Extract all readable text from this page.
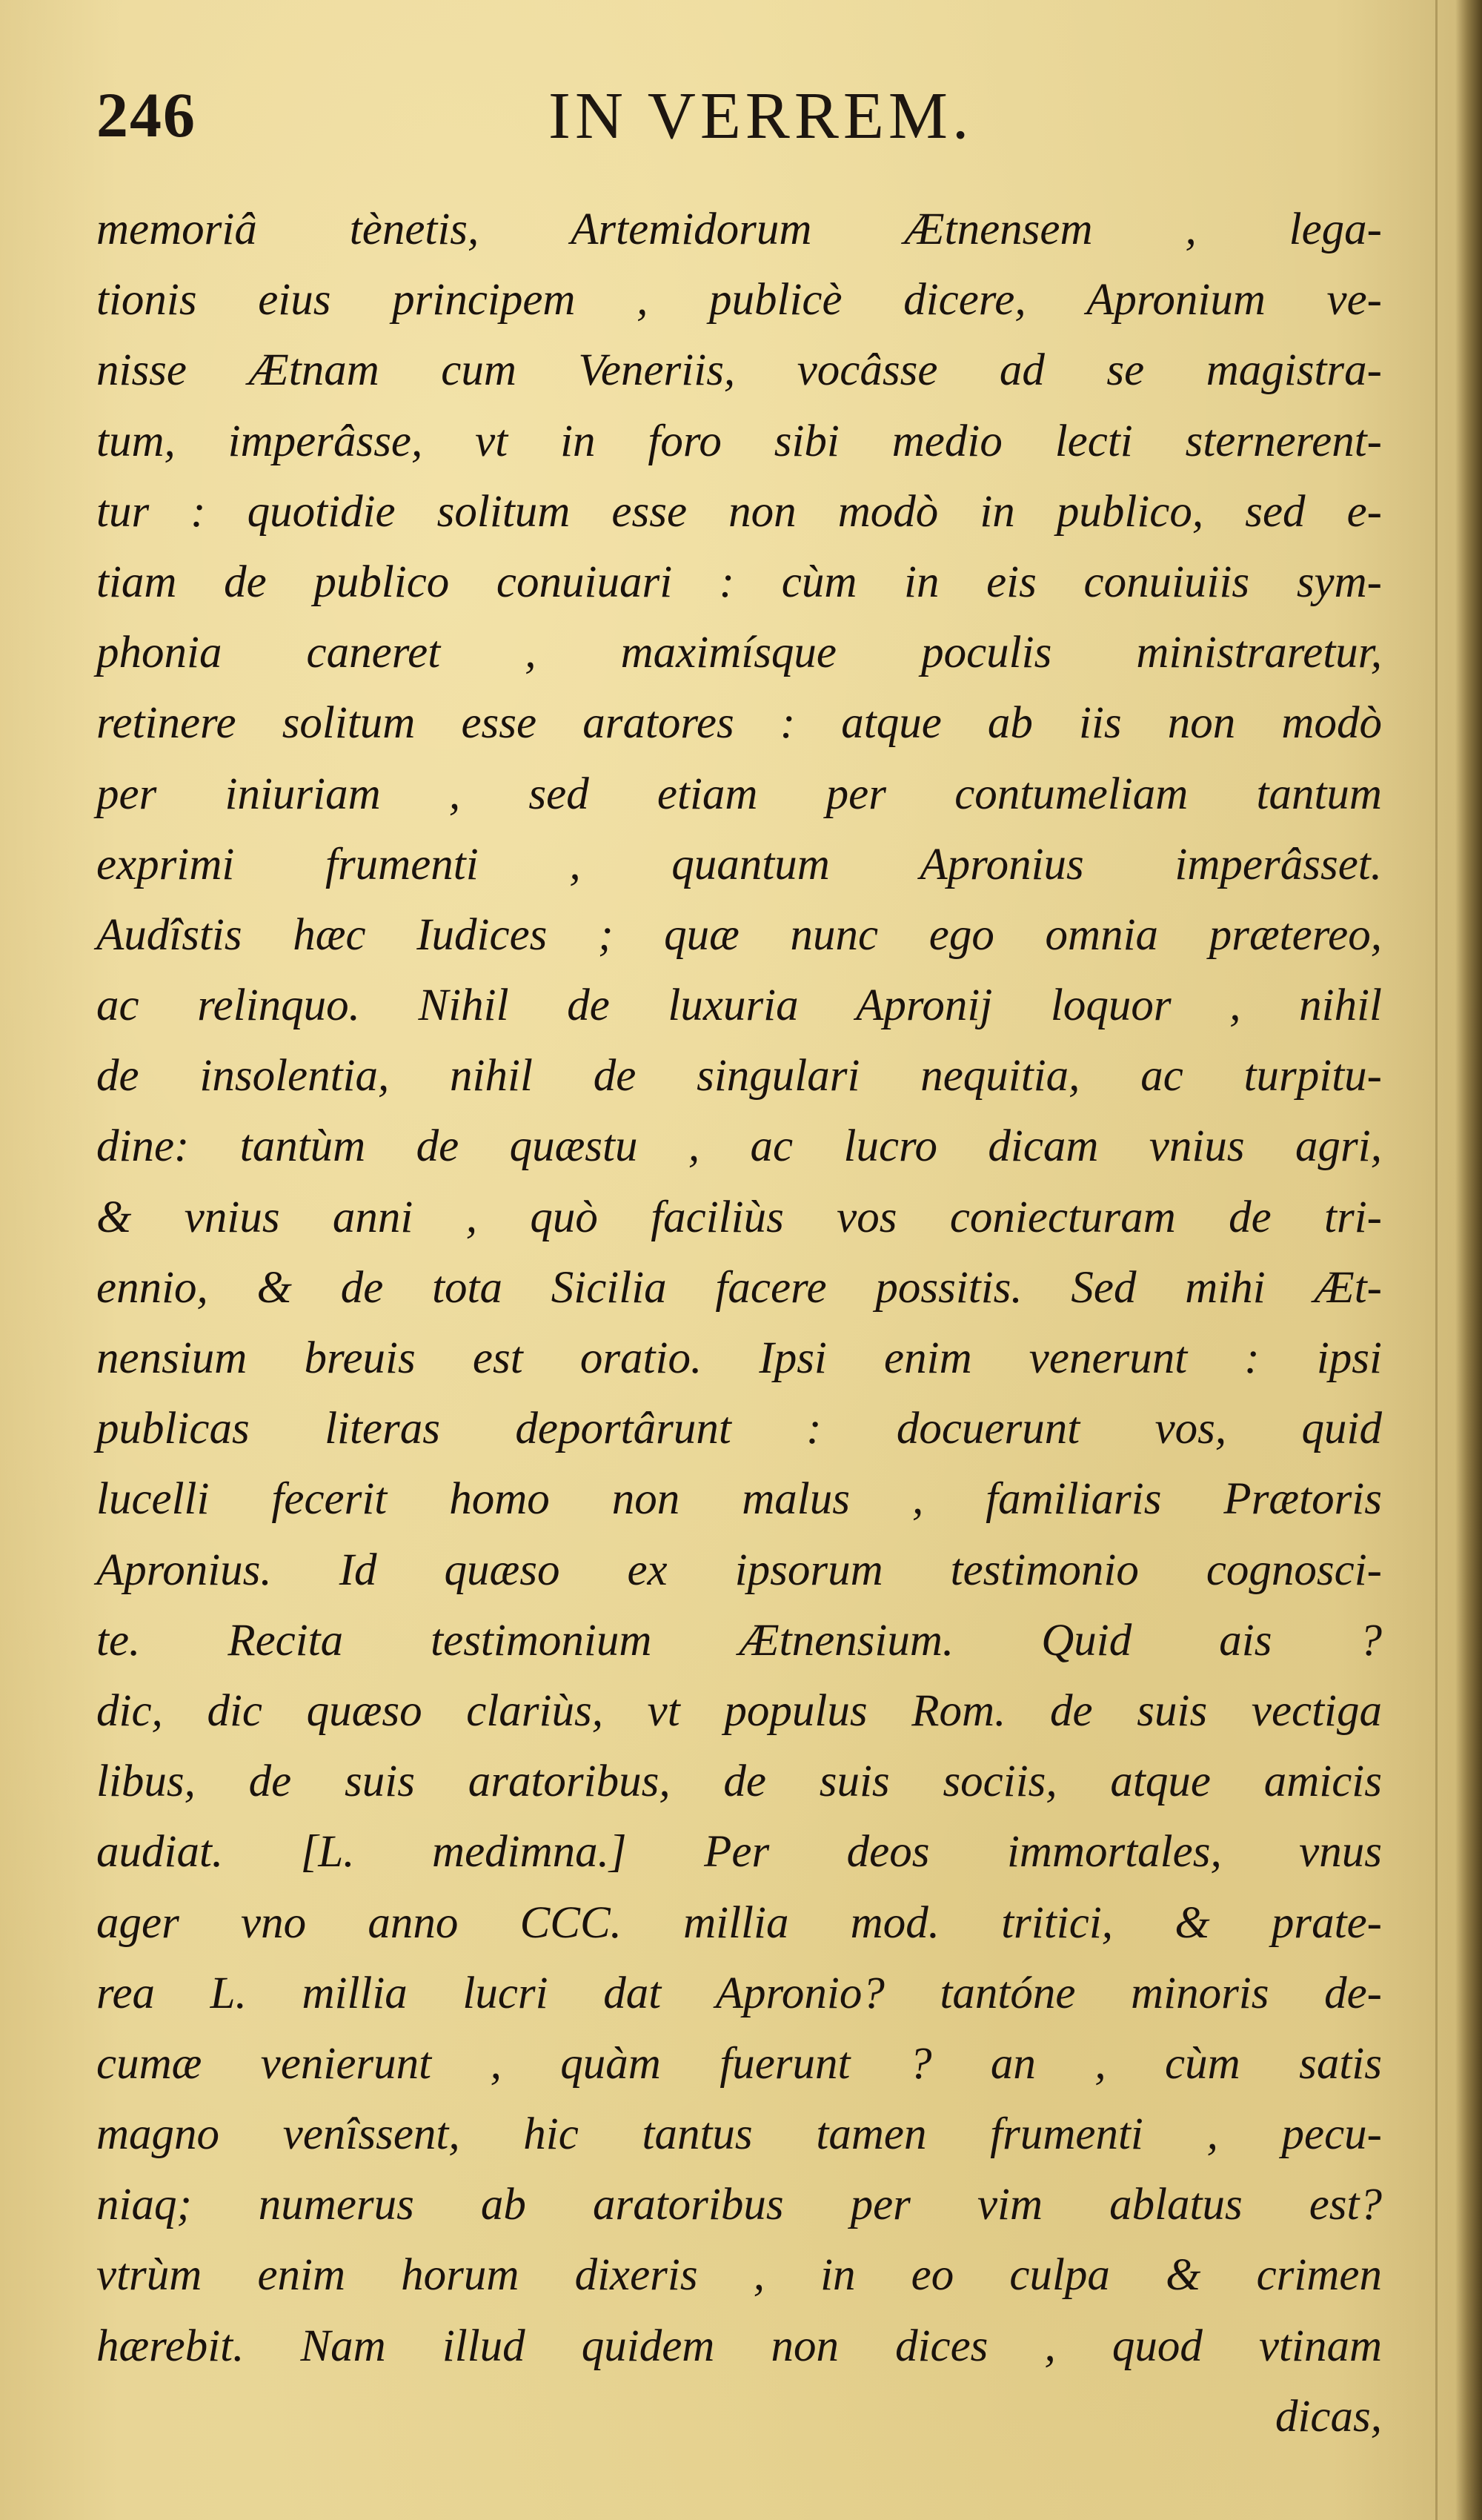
246	IN VERREM.
memoriâ tènetis, Artemidorum Ætnensem , lega-
tionis eius principem , publicè dicere, Apronium ve-
nisse Ætnam cum Veneriis, vocâsse ad se magistra-
tum, imperâsse, vt in foro sibi medio lecti sternerent-
tur : quotidie solitum esse non modò in publico, sed e-
tiam de publico conuiuari : cùm in eis conuiuiis sym-
phonia caneret , maximísque poculis ministraretur,
retinere solitum esse aratores : atque ab iis non modò
per iniuriam , sed etiam per contumeliam tantum
exprimi frumenti , quantum Apronius imperâsset.
Audîstis hæc Iudices ; quæ nunc ego omnia prætereo,
ac relinquo. Nihil de luxuria Apronij loquor , nihil
de insolentia, nihil de singulari nequitia, ac turpitu-
dine: tantùm de quæstu , ac lucro dicam vnius agri,
& vnius anni , quò faciliùs vos coniecturam de tri-
ennio, & de tota Sicilia facere possitis. Sed mihi Æt-
nensium breuis est oratio. Ipsi enim venerunt : ipsi
publicas literas deportârunt : docuerunt vos, quid
lucelli fecerit homo non malus , familiaris Prætoris
Apronius. Id quæso ex ipsorum testimonio cognosci-
te. Recita testimonium Ætnensium. Quid ais ?
dic, dic quæso clariùs, vt populus Rom. de suis vectiga
libus, de suis aratoribus, de suis sociis, atque amicis
audiat. [L. medimna.] Per deos immortales, vnus
ager vno anno CCC. millia mod. tritici, & prate-
rea L. millia lucri dat Apronio? tantóne minoris de-
cumæ venierunt , quàm fuerunt ? an , cùm satis
magno venîssent, hic tantus tamen frumenti , pecu-
niaq; numerus ab aratoribus per vim ablatus est?
vtrùm enim horum dixeris , in eo culpa & crimen
hærebit. Nam illud quidem non dices , quod vtinam
dicas,
